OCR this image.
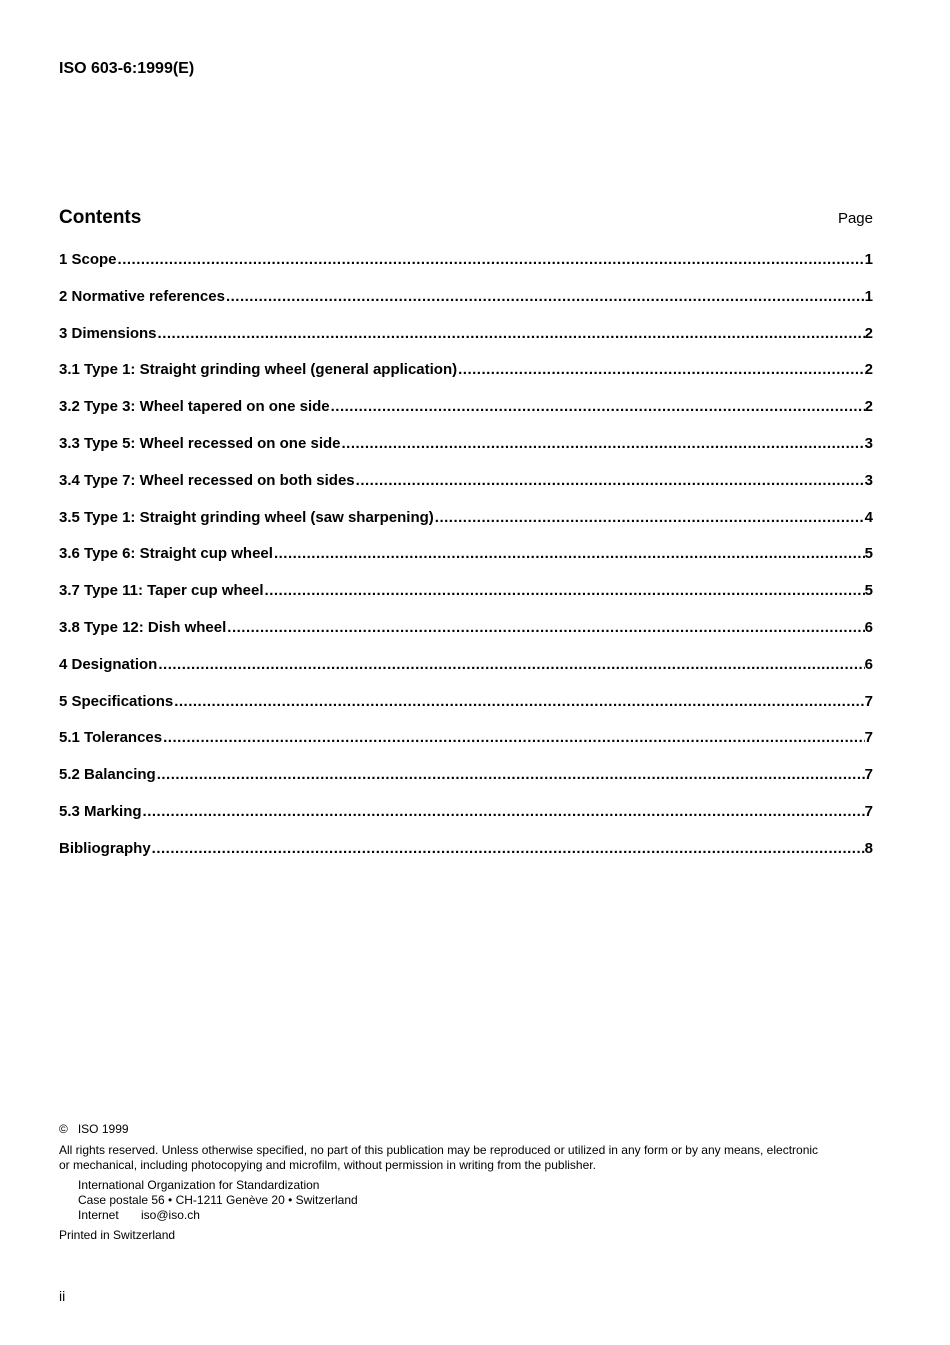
ISO 603-6:1999(E)
Contents	Page
1 Scope .....	1
2 Normative references .....	1
3 Dimensions .....	2
3.1 Type 1: Straight grinding wheel (general application) .....	2
3.2 Type 3: Wheel tapered on one side .....	2
3.3 Type 5: Wheel recessed on one side .....	3
3.4 Type 7: Wheel recessed on both sides .....	3
3.5 Type 1: Straight grinding wheel (saw sharpening) .....	4
3.6 Type 6: Straight cup wheel .....	5
3.7 Type 11: Taper cup wheel .....	5
3.8 Type 12: Dish wheel .....	6
4 Designation .....	6
5 Specifications .....	7
5.1 Tolerances .....	7
5.2 Balancing .....	7
5.3 Marking .....	7
Bibliography .....	8

© ISO 1999

All rights reserved. Unless otherwise specified, no part of this publication may be reproduced or utilized in any form or by any means, electronic
or mechanical, including photocopying and microfilm, without permission in writing from the publisher.
International Organization for Standardization
Case postale 56 • CH-1211 Genève 20 • Switzerland
Internet iso@iso.ch

Printed in Switzerland

ii
